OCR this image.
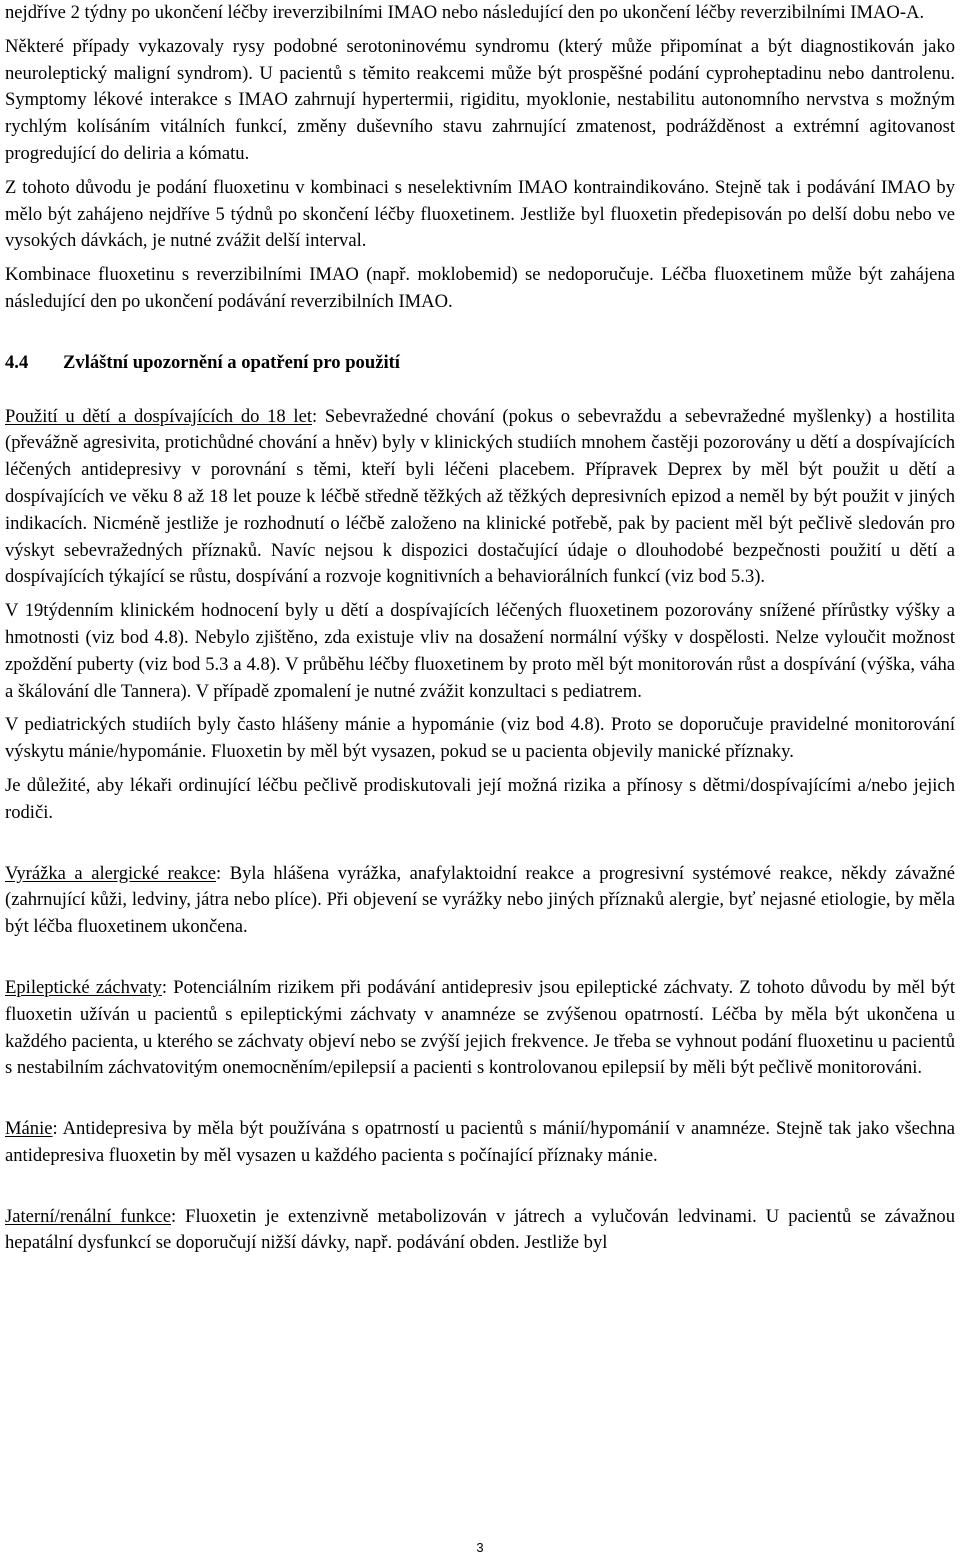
nejdříve 2 týdny po ukončení léčby ireverzibilními IMAO nebo následující den po ukončení léčby reverzibilními IMAO-A.

Některé případy vykazovaly rysy podobné serotoninovému syndromu (který může připomínat a být diagnostikován jako neuroleptický maligní syndrom). U pacientů s těmito reakcemi může být prospěšné podání cyproheptadinu nebo dantrolenu. Symptomy lékové interakce s IMAO zahrnují hypertermii, rigiditu, myoklonie, nestabilitu autonomního nervstva s možným rychlým kolísáním vitálních funkcí, změny duševního stavu zahrnující zmatenost, podrážděnost a extrémní agitovanost progredující do deliria a kómatu.

Z tohoto důvodu je podání fluoxetinu v kombinaci s neselektivním IMAO kontraindikováno. Stejně tak i podávání IMAO by mělo být zahájeno nejdříve 5 týdnů po skončení léčby fluoxetinem. Jestliže byl fluoxetin předepisován po delší dobu nebo ve vysokých dávkách, je nutné zvážit delší interval.

Kombinace fluoxetinu s reverzibilními IMAO (např. moklobemid) se nedoporučuje. Léčba fluoxetinem může být zahájena následující den po ukončení podávání reverzibilních IMAO.

4.4	Zvláštní upozornění a opatření pro použití

Použití u dětí a dospívajících do 18 let: Sebevražedné chování (pokus o sebevraždu a sebevražedné myšlenky) a hostilita (převážně agresivita, protichůdné chování a hněv) byly v klinických studiích mnohem častěji pozorovány u dětí a dospívajících léčených antidepresivy v porovnání s těmi, kteří byli léčeni placebem. Přípravek Deprex by měl být použit u dětí a dospívajících ve věku 8 až 18 let pouze k léčbě středně těžkých až těžkých depresivních epizod a neměl by být použit v jiných indikacích. Nicméně jestliže je rozhodnutí o léčbě založeno na klinické potřebě, pak by pacient měl být pečlivě sledován pro výskyt sebevražedných příznaků. Navíc nejsou k dispozici dostačující údaje o dlouhodobé bezpečnosti použití u dětí a dospívajících týkající se růstu, dospívání a rozvoje kognitivních a behaviorálních funkcí (viz bod 5.3).

V 19týdenním klinickém hodnocení byly u dětí a dospívajících léčených fluoxetinem pozorovány snížené přírůstky výšky a hmotnosti (viz bod 4.8). Nebylo zjištěno, zda existuje vliv na dosažení normální výšky v dospělosti. Nelze vyloučit možnost zpoždění puberty (viz bod 5.3 a 4.8). V průběhu léčby fluoxetinem by proto měl být monitorován růst a dospívání (výška, váha a škálování dle Tannera). V případě zpomalení je nutné zvážit konzultaci s pediatrem.

V pediatrických studiích byly často hlášeny mánie a hypománie (viz bod 4.8). Proto se doporučuje pravidelné monitorování výskytu mánie/hypománie. Fluoxetin by měl být vysazen, pokud se u pacienta objevily manické příznaky.

Je důležité, aby lékaři ordinující léčbu pečlivě prodiskutovali její možná rizika a přínosy s dětmi/dospívajícími a/nebo jejich rodiči.

Vyrážka a alergické reakce: Byla hlášena vyrážka, anafylaktoidní reakce a progresivní systémové reakce, někdy závažné (zahrnující kůži, ledviny, játra nebo plíce). Při objevení se vyrážky nebo jiných příznaků alergie, byť nejasné etiologie, by měla být léčba fluoxetinem ukončena.

Epileptické záchvaty: Potenciálním rizikem při podávání antidepresiv jsou epileptické záchvaty. Z tohoto důvodu by měl být fluoxetin užíván u pacientů s epileptickými záchvaty v anamnéze se zvýšenou opatrností. Léčba by měla být ukončena u každého pacienta, u kterého se záchvaty objeví nebo se zvýší jejich frekvence. Je třeba se vyhnout podání fluoxetinu u pacientů s nestabilním záchvatovitým onemocněním/epilepsií a pacienti s kontrolovanou epilepsií by měli být pečlivě monitorováni.

Mánie: Antidepresiva by měla být používána s opatrností u pacientů s mánií/hypománií v anamnéze. Stejně tak jako všechna antidepresiva fluoxetin by měl vysazen u každého pacienta s počínající příznaky mánie.

Jaterní/renální funkce: Fluoxetin je extenzivně metabolizován v játrech a vylučován ledvinami. U pacientů se závažnou hepatální dysfunkcí se doporučují nižší dávky, např. podávání obden. Jestliže byl

3
